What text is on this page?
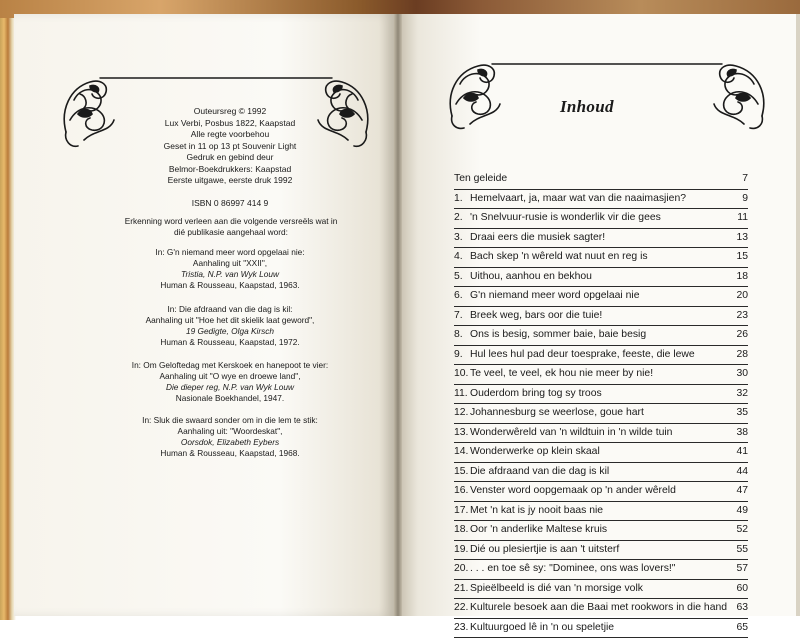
Outeursreg © 1992
Lux Verbi, Posbus 1822, Kaapstad
Alle regte voorbehou
Geset in 11 op 13 pt Souvenir Light
Gedruk en gebind deur
Belmor-Boekdrukkers: Kaapstad
Eerste uitgawe, eerste druk 1992
ISBN 0 86997 414 9
Erkenning word verleen aan die volgende versreëls wat in
dié publikasie aangehaal word:
In: G'n niemand meer word opgelaai nie:
Aanhaling uit "XXII",
Tristia, N.P. van Wyk Louw
Human & Rousseau, Kaapstad, 1963.
In: Die afdraand van die dag is kil:
Aanhaling uit "Hoe het dit skielik laat geword",
19 Gedigte, Olga Kirsch
Human & Rousseau, Kaapstad, 1972.
In: Om Geloftedag met Kerskoek en hanepoot te vier:
Aanhaling uit "O wye en droewe land",
Die dieper reg, N.P. van Wyk Louw
Nasionale Boekhandel, 1947.
In: Sluk die swaard sonder om in die lem te stik:
Aanhaling uit: "Woordeskat",
Oorsdok, Elizabeth Eybers
Human & Rousseau, Kaapstad, 1968.
Inhoud
Ten geleide	7
1. Hemelvaart, ja, maar wat van die naaimasjien?	9
2. 'n Snelvuur-rusie is wonderlik vir die gees	11
3. Draai eers die musiek sagter!	13
4. Bach skep 'n wêreld wat nuut en reg is	15
5. Uithou, aanhou en bekhou	18
6. G'n niemand meer word opgelaai nie	20
7. Breek weg, bars oor die tuie!	23
8. Ons is besig, sommer baie, baie besig	26
9. Hul lees hul pad deur toesprake, feeste, die lewe	28
10. Te veel, te veel, ek hou nie meer by nie!	30
11. Ouderdom bring tog sy troos	32
12. Johannesburg se weerlose, goue hart	35
13. Wonderwêreld van 'n wildtuin in 'n wilde tuin	38
14. Wonderwerke op klein skaal	41
15. Die afdraand van die dag is kil	44
16. Venster word oopgemaak op 'n ander wêreld	47
17. Met 'n kat is jy nooit baas nie	49
18. Oor 'n anderlike Maltese kruis	52
19. Dié ou plesiertjie is aan 't uitsterf	55
20. . . . en toe sê sy: "Dominee, ons was lovers!"	57
21. Spieëlbeeld is dié van 'n morsige volk	60
22. Kulturele besoek aan die Baai met rookwors in die hand 63
23. Kultuurgoed lê in 'n ou speletjie	65
